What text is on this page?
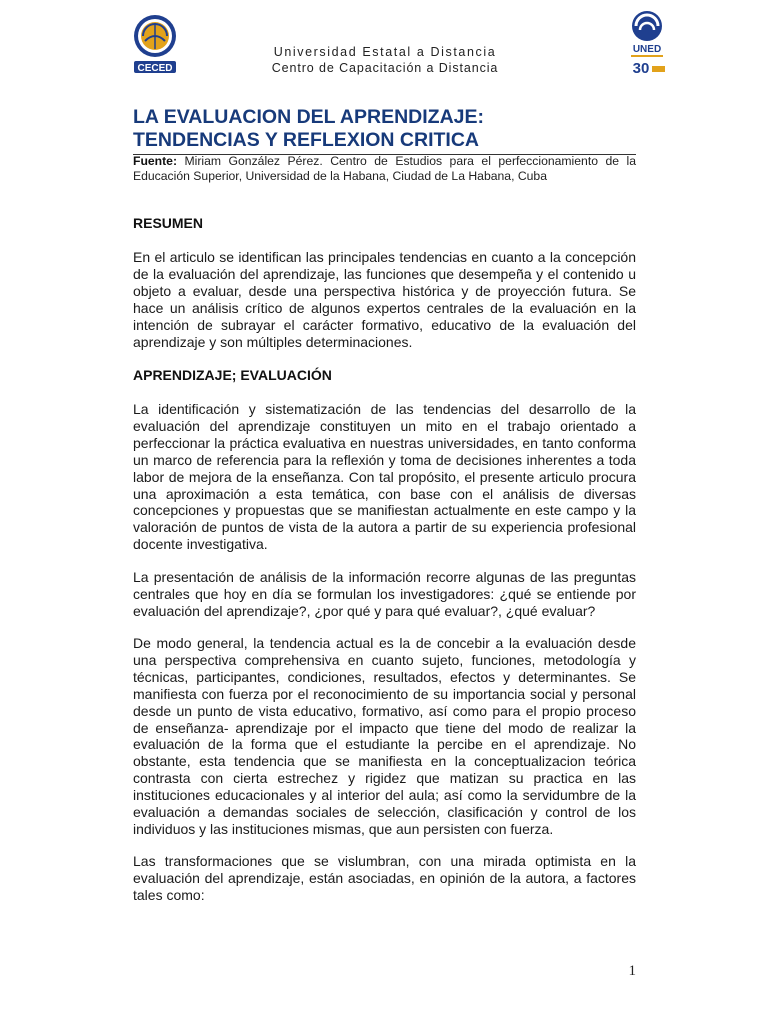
CECED
UNED
30
Universidad Estatal a Distancia
Centro de Capacitación a Distancia
LA EVALUACION DEL APRENDIZAJE:
TENDENCIAS Y REFLEXION CRITICA
Fuente: Miriam González Pérez. Centro de Estudios para el perfeccionamiento de la Educación Superior, Universidad de la Habana, Ciudad de La Habana, Cuba
RESUMEN

En el articulo se identifican las principales tendencias en cuanto a la concepción de la evaluación del aprendizaje, las funciones que desempeña y el contenido u objeto a evaluar, desde una perspectiva histórica y de proyección futura. Se hace un análisis crítico de algunos expertos centrales de la evaluación en la intención de subrayar el carácter formativo, educativo de la evaluación del aprendizaje y son múltiples determinaciones.

APRENDIZAJE; EVALUACIÓN

La identificación y sistematización de las tendencias del desarrollo de la evaluación del aprendizaje constituyen un mito en el trabajo orientado a perfeccionar la práctica evaluativa en nuestras universidades, en tanto conforma un marco de referencia para la reflexión y toma de decisiones inherentes a toda labor de mejora de la enseñanza. Con tal propósito, el presente articulo procura una aproximación a esta temática, con base con el análisis de diversas concepciones y propuestas que se manifiestan actualmente en este campo y la valoración de puntos de vista de la autora a partir de su experiencia profesional docente investigativa.

La presentación de análisis de la información recorre algunas de las preguntas centrales que hoy en día se formulan los investigadores: ¿qué se entiende por evaluación del aprendizaje?, ¿por qué y para qué evaluar?, ¿qué evaluar?

De modo general, la tendencia actual es la de concebir a la evaluación desde una perspectiva comprehensiva en cuanto sujeto, funciones, metodología y técnicas, participantes, condiciones, resultados, efectos y determinantes. Se manifiesta con fuerza por el reconocimiento de su importancia social y personal desde un punto de vista educativo, formativo, así como para el propio proceso de enseñanza- aprendizaje por el impacto que tiene del modo de realizar la evaluación de la forma que el estudiante la percibe en el aprendizaje. No obstante, esta tendencia que se manifiesta en la conceptualizacion teórica contrasta con cierta estrechez y rigidez que matizan su practica en las instituciones educacionales y al interior del aula; así como la servidumbre de la evaluación a demandas sociales de selección, clasificación y control de los individuos y las instituciones mismas, que aun persisten con fuerza.

Las transformaciones que se vislumbran, con una mirada optimista en la evaluación del aprendizaje, están asociadas, en opinión de la autora, a factores tales como:

1
